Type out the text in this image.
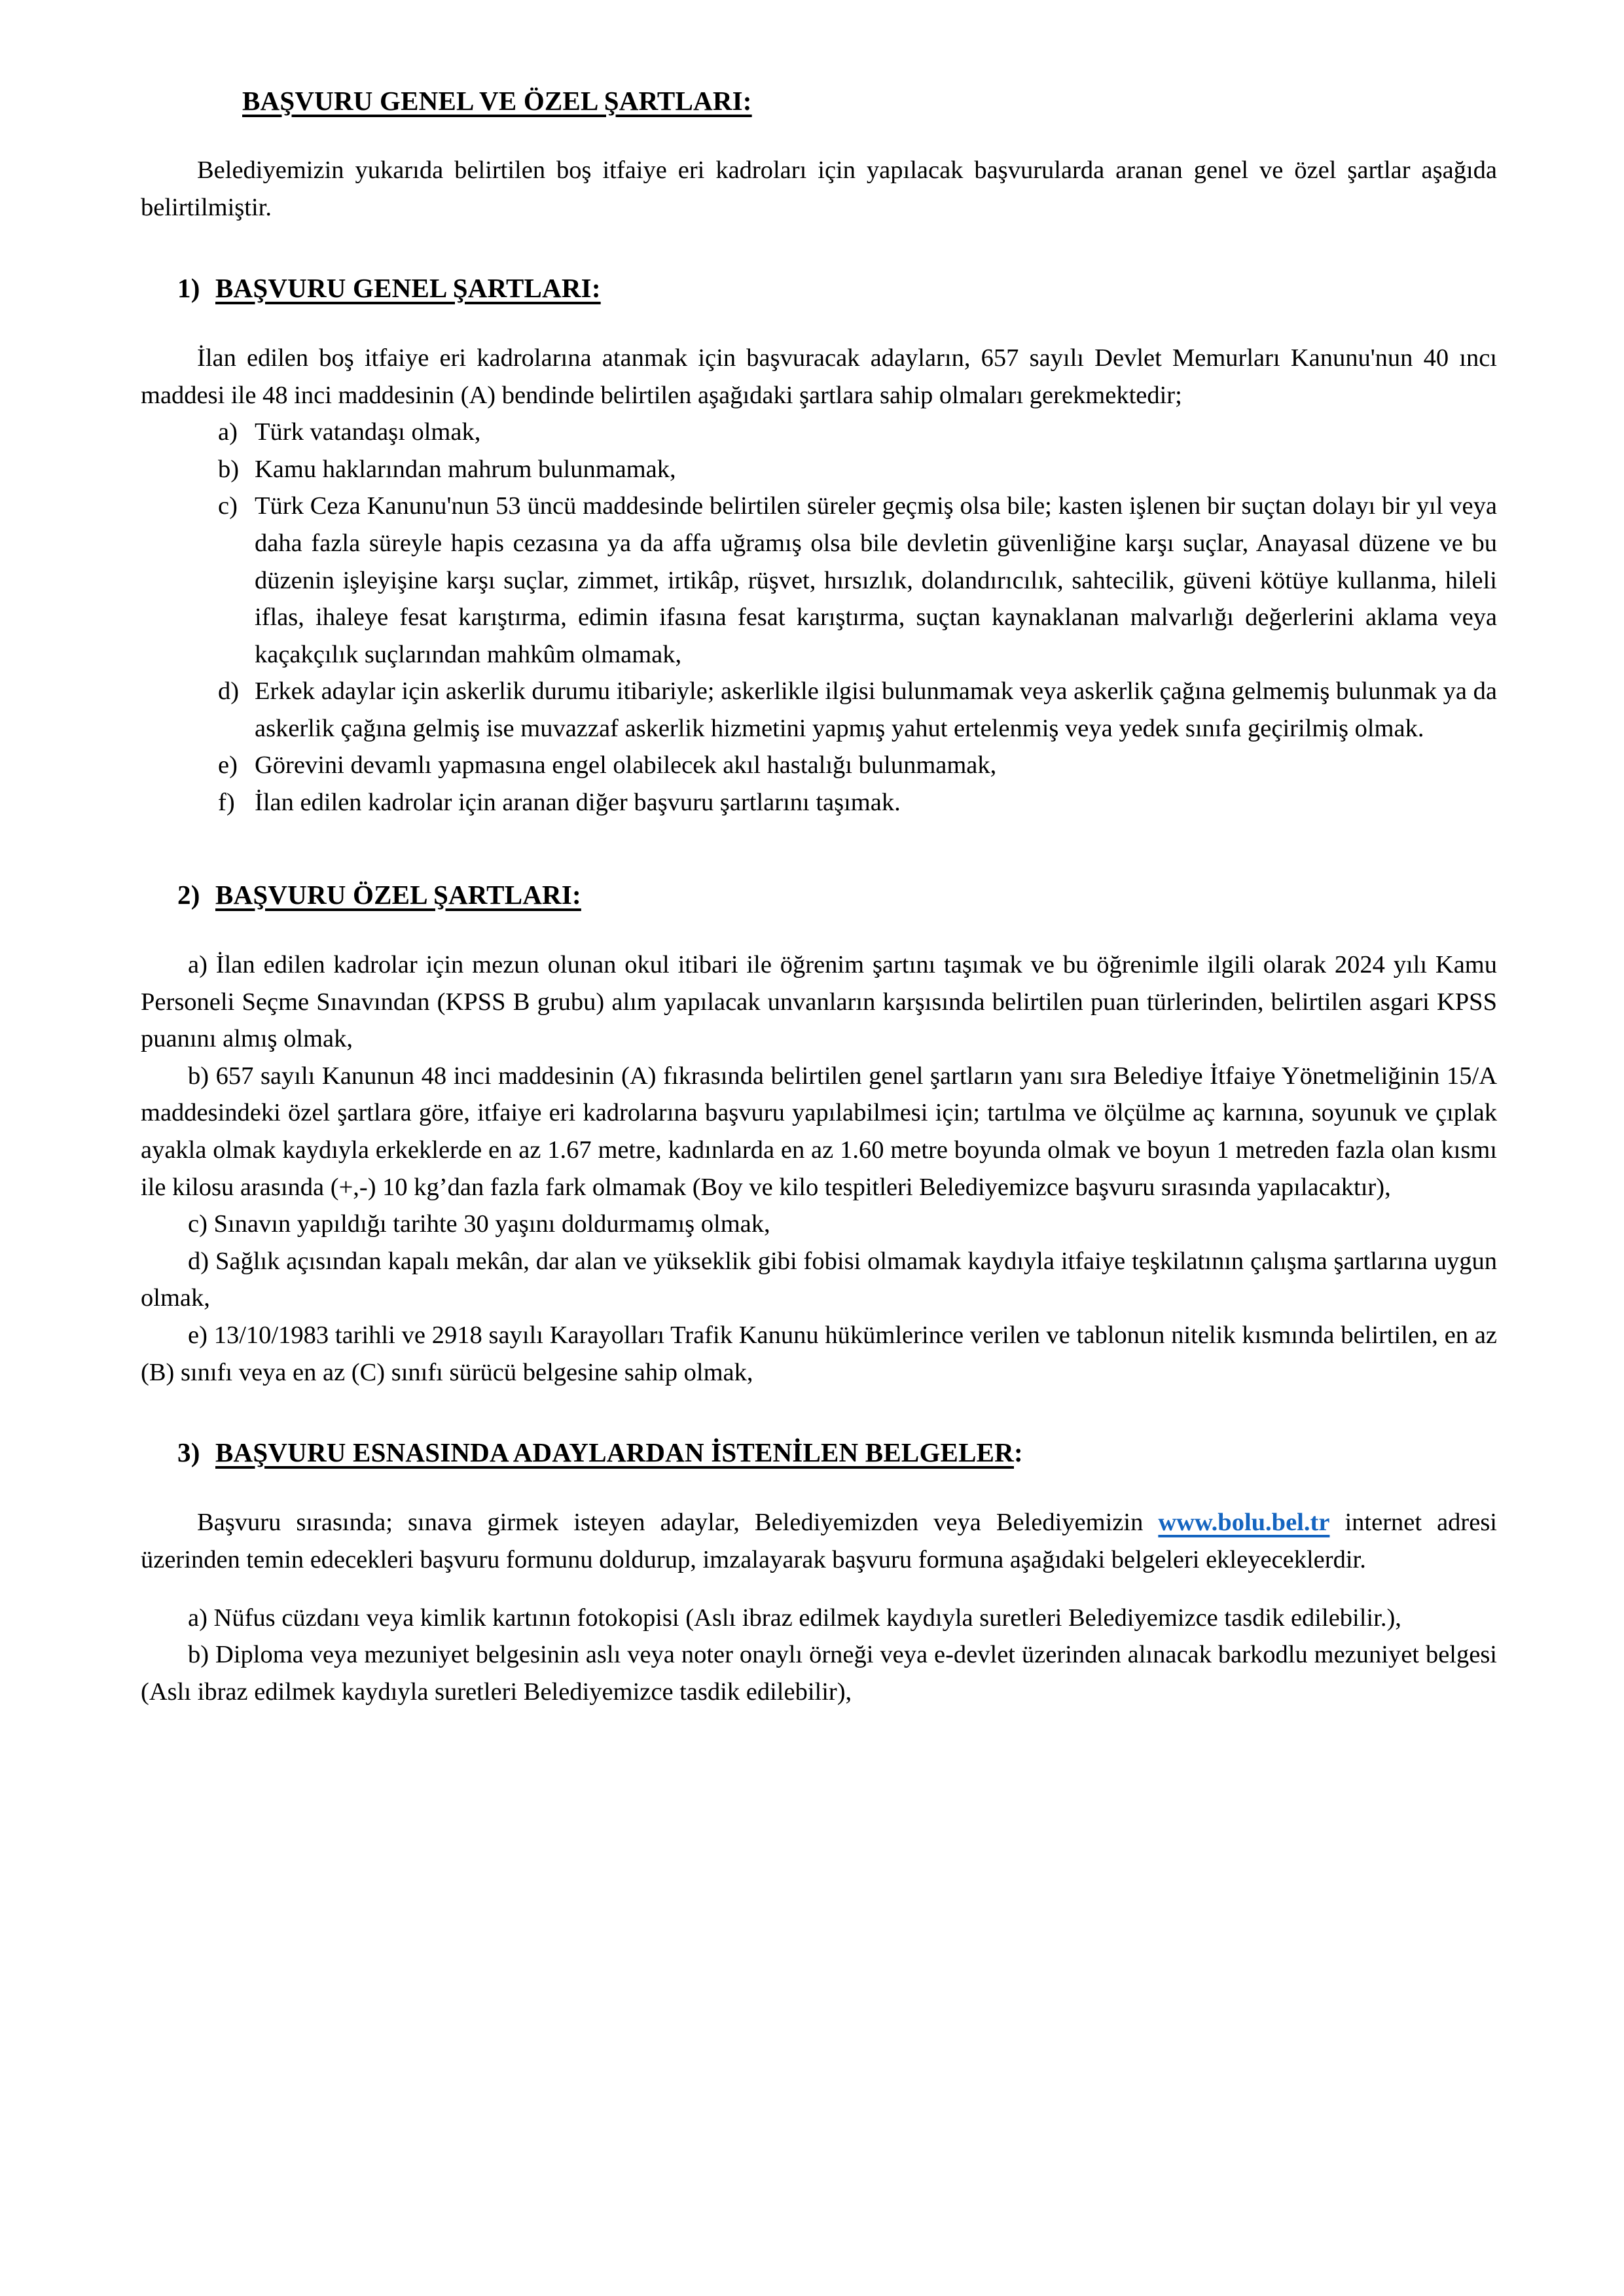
BAŞVURU GENEL VE ÖZEL ŞARTLARI:

Belediyemizin yukarıda belirtilen boş itfaiye eri kadroları için yapılacak başvurularda aranan genel ve özel şartlar aşağıda belirtilmiştir.

1) BAŞVURU GENEL ŞARTLARI:

İlan edilen boş itfaiye eri kadrolarına atanmak için başvuracak adayların, 657 sayılı Devlet Memurları Kanunu'nun 40 ıncı maddesi ile 48 inci maddesinin (A) bendinde belirtilen aşağıdaki şartlara sahip olmaları gerekmektedir;

a) Türk vatandaşı olmak,
b) Kamu haklarından mahrum bulunmamak,
c) Türk Ceza Kanunu'nun 53 üncü maddesinde belirtilen süreler geçmiş olsa bile; kasten işlenen bir suçtan dolayı bir yıl veya daha fazla süreyle hapis cezasına ya da affa uğramış olsa bile devletin güvenliğine karşı suçlar, Anayasal düzene ve bu düzenin işleyişine karşı suçlar, zimmet, irtikâp, rüşvet, hırsızlık, dolandırıcılık, sahtecilik, güveni kötüye kullanma, hileli iflas, ihaleye fesat karıştırma, edimin ifasına fesat karıştırma, suçtan kaynaklanan malvarlığı değerlerini aklama veya kaçakçılık suçlarından mahkûm olmamak,
d) Erkek adaylar için askerlik durumu itibariyle; askerlikle ilgisi bulunmamak veya askerlik çağına gelmemiş bulunmak ya da askerlik çağına gelmiş ise muvazzaf askerlik hizmetini yapmış yahut ertelenmiş veya yedek sınıfa geçirilmiş olmak.
e) Görevini devamlı yapmasına engel olabilecek akıl hastalığı bulunmamak,
f) İlan edilen kadrolar için aranan diğer başvuru şartlarını taşımak.
2) BAŞVURU ÖZEL ŞARTLARI:

a) İlan edilen kadrolar için mezun olunan okul itibari ile öğrenim şartını taşımak ve bu öğrenimle ilgili olarak 2024 yılı Kamu Personeli Seçme Sınavından (KPSS B grubu) alım yapılacak unvanların karşısında belirtilen puan türlerinden, belirtilen asgari KPSS puanını almış olmak,

b) 657 sayılı Kanunun 48 inci maddesinin (A) fıkrasında belirtilen genel şartların yanı sıra Belediye İtfaiye Yönetmeliğinin 15/A maddesindeki özel şartlara göre, itfaiye eri kadrolarına başvuru yapılabilmesi için; tartılma ve ölçülme aç karnına, soyunuk ve çıplak ayakla olmak kaydıyla erkeklerde en az 1.67 metre, kadınlarda en az 1.60 metre boyunda olmak ve boyun 1 metreden fazla olan kısmı ile kilosu arasında (+,-) 10 kg’dan fazla fark olmamak (Boy ve kilo tespitleri Belediyemizce başvuru sırasında yapılacaktır),

c) Sınavın yapıldığı tarihte 30 yaşını doldurmamış olmak,

d) Sağlık açısından kapalı mekân, dar alan ve yükseklik gibi fobisi olmamak kaydıyla itfaiye teşkilatının çalışma şartlarına uygun olmak,

e) 13/10/1983 tarihli ve 2918 sayılı Karayolları Trafik Kanunu hükümlerince verilen ve tablonun nitelik kısmında belirtilen, en az (B) sınıfı veya en az (C) sınıfı sürücü belgesine sahip olmak,

3) BAŞVURU ESNASINDA ADAYLARDAN İSTENİLEN BELGELER:

Başvuru sırasında; sınava girmek isteyen adaylar, Belediyemizden veya Belediyemizin www.bolu.bel.tr internet adresi üzerinden temin edecekleri başvuru formunu doldurup, imzalayarak başvuru formuna aşağıdaki belgeleri ekleyeceklerdir.

a) Nüfus cüzdanı veya kimlik kartının fotokopisi (Aslı ibraz edilmek kaydıyla suretleri Belediyemizce tasdik edilebilir.),

b) Diploma veya mezuniyet belgesinin aslı veya noter onaylı örneği veya e-devlet üzerinden alınacak barkodlu mezuniyet belgesi (Aslı ibraz edilmek kaydıyla suretleri Belediyemizce tasdik edilebilir),
